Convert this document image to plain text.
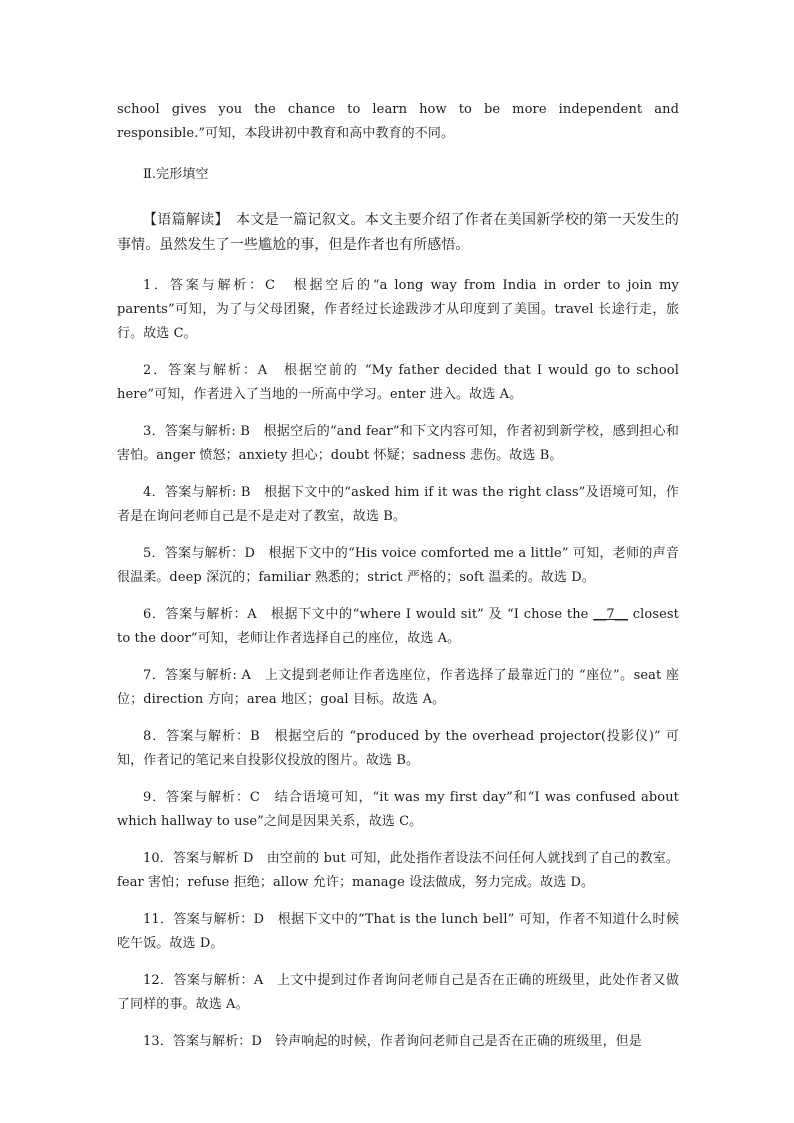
school gives you the chance to learn how to be more independent and responsible.”可知，本段讲初中教育和高中教育的不同。

Ⅱ.完形填空

【语篇解读】　本文是一篇记叙文。本文主要介绍了作者在美国新学校的第一天发生的事情。虽然发生了一些尴尬的事，但是作者也有所感悟。

1．答案与解析：C　根据空后的“a long way from India in order to join my parents”可知，为了与父母团聚，作者经过长途跋涉才从印度到了美国。travel 长途行走，旅行。故选 C。

2．答案与解析：A　根据空前的 “My father decided that I would go to school here”可知，作者进入了当地的一所高中学习。enter 进入。故选 A。

3．答案与解析: B　根据空后的“and fear”和下文内容可知，作者初到新学校，感到担心和害怕。anger 愤怒；anxiety 担心；doubt 怀疑；sadness 悲伤。故选 B。

4．答案与解析: B　根据下文中的“asked him if it was the right class”及语境可知，作者是在询问老师自己是不是走对了教室，故选 B。

5．答案与解析：D　根据下文中的“His voice comforted me a little” 可知，老师的声音很温柔。deep 深沉的；familiar 熟悉的；strict 严格的；soft 温柔的。故选 D。

6．答案与解析：A　根据下文中的“where I would sit” 及 “I chose the __7__ closest to the door”可知，老师让作者选择自己的座位，故选 A。

7．答案与解析: A　上文提到老师让作者选座位，作者选择了最靠近门的 “座位”。seat 座位；direction 方向；area 地区；goal 目标。故选 A。

8．答案与解析：B　根据空后的 “produced by the overhead projector(投影仪)” 可知，作者记的笔记来自投影仪投放的图片。故选 B。

9．答案与解析：C　结合语境可知，“it was my first day”和“I was confused about which hallway to use”之间是因果关系，故选 C。

10．答案与解析 D　由空前的 but 可知，此处指作者设法不问任何人就找到了自己的教室。fear 害怕；refuse 拒绝；allow 允许；manage 设法做成，努力完成。故选 D。

11．答案与解析：D　根据下文中的“That is the lunch bell” 可知，作者不知道什么时候吃午饭。故选 D。

12．答案与解析：A　上文中提到过作者询问老师自己是否在正确的班级里，此处作者又做了同样的事。故选 A。

13．答案与解析：D　铃声响起的时候，作者询问老师自己是否在正确的班级里，但是
